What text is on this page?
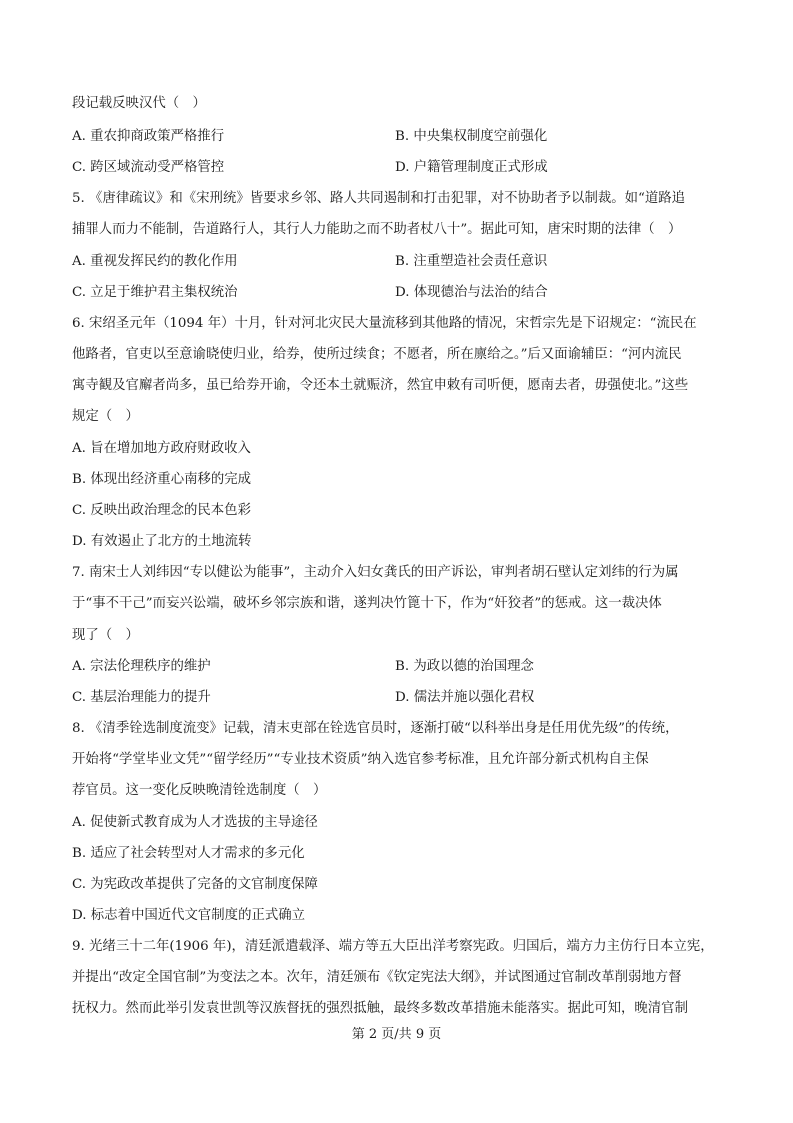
段记载反映汉代（　）
A. 重农抑商政策严格推行	B. 中央集权制度空前强化
C. 跨区域流动受严格管控	D. 户籍管理制度正式形成
5. 《唐律疏议》和《宋刑统》皆要求乡邻、路人共同遏制和打击犯罪，对不协助者予以制裁。如“道路追
捕罪人而力不能制，告道路行人，其行人力能助之而不助者杖八十”。据此可知，唐宋时期的法律（　）
A. 重视发挥民约的教化作用	B. 注重塑造社会责任意识
C. 立足于维护君主集权统治	D. 体现德治与法治的结合
6. 宋绍圣元年（1094 年）十月，针对河北灾民大量流移到其他路的情况，宋哲宗先是下诏规定：“流民在
他路者，官吏以至意谕晓使归业，给券，使所过续食；不愿者，所在廪给之。”后又面谕辅臣：“河内流民
寓寺観及官廨者尚多，虽已给券开谕，令还本土就赈济，然宜申敕有司听便，愿南去者，毋强使北。”这些
规定（　）
A. 旨在增加地方政府财政收入
B. 体现出经济重心南移的完成
C. 反映出政治理念的民本色彩
D. 有效遏止了北方的土地流转
7. 南宋士人刘纬因“专以健讼为能事”，主动介入妇女龚氏的田产诉讼，审判者胡石壁认定刘纬的行为属
于“事不干己”而妄兴讼端，破坏乡邻宗族和谐，遂判决竹篦十下，作为“奸狡者”的惩戒。这一裁决体
现了（　）
A. 宗法伦理秩序的维护	B. 为政以德的治国理念
C. 基层治理能力的提升	D. 儒法并施以强化君权
8. 《清季铨选制度流变》记载，清末吏部在铨选官员时，逐渐打破“以科举出身是任用优先级”的传统，
开始将“学堂毕业文凭”“留学经历”“专业技术资质”纳入选官参考标准，且允许部分新式机构自主保
荐官员。这一变化反映晚清铨选制度（　）
A. 促使新式教育成为人才选拔的主导途径
B. 适应了社会转型对人才需求的多元化
C. 为宪政改革提供了完备的文官制度保障
D. 标志着中国近代文官制度的正式确立
9. 光绪三十二年(1906 年)，清廷派遣载泽、端方等五大臣出洋考察宪政。归国后，端方力主仿行日本立宪，
并提出“改定全国官制”为变法之本。次年，清廷颁布《钦定宪法大纲》，并试图通过官制改革削弱地方督
抚权力。然而此举引发袁世凯等汉族督抚的强烈抵触，最终多数改革措施未能落实。据此可知，晚清官制
第 2 页/共 9 页
